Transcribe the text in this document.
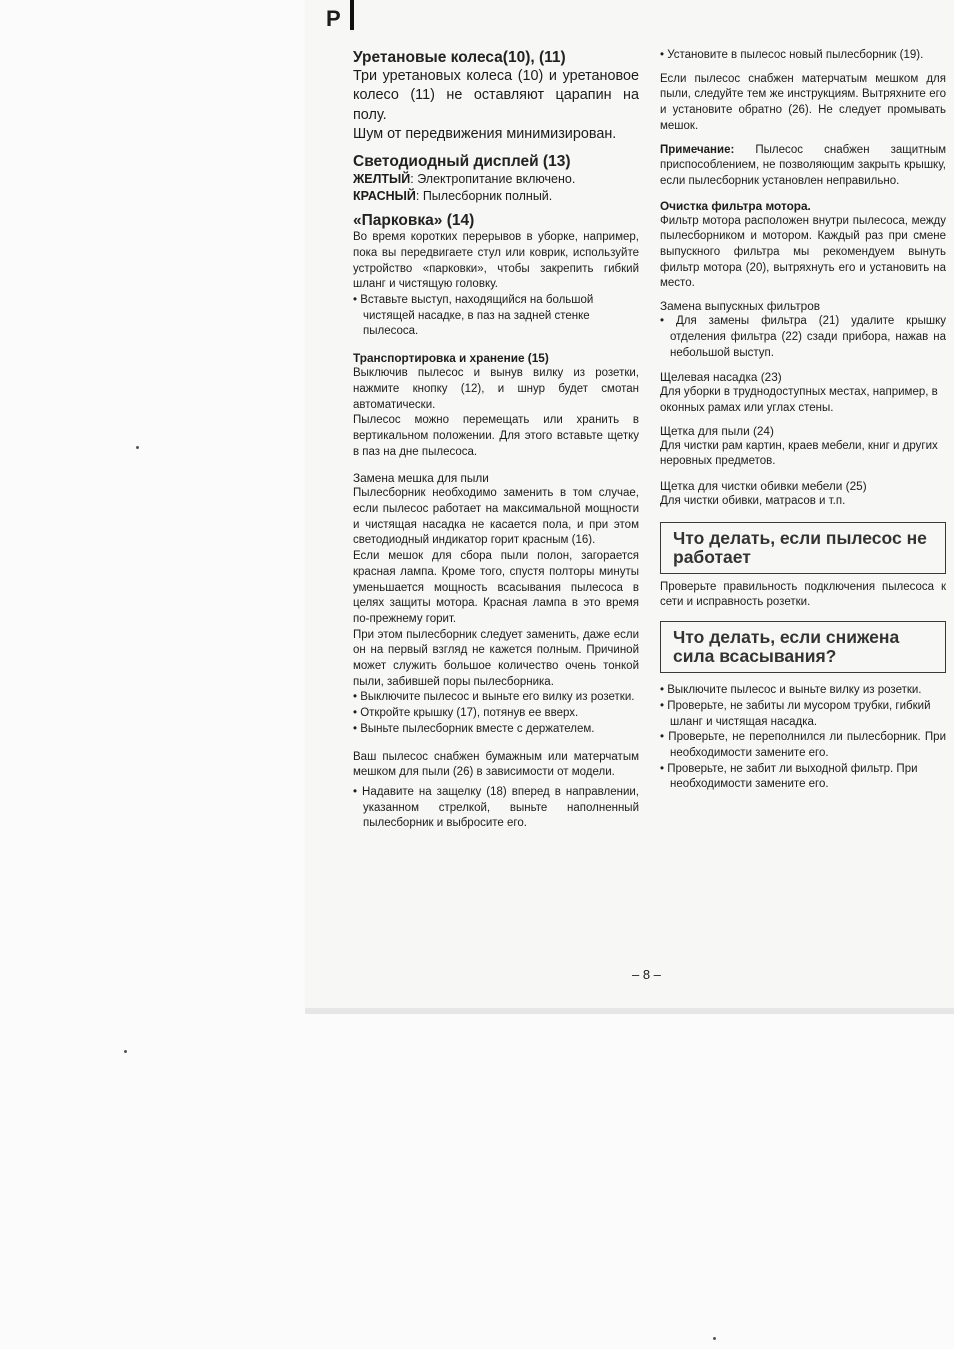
P
Уретановые колеса(10), (11)

Три уретановых колеса (10) и уретановое колесо (11) не оставляют царапин на полу.

Шум от передвижения минимизирован.

Светодиодный дисплей (13)

ЖЕЛТЫЙ: Электропитание включено.

КРАСНЫЙ: Пылесборник полный.

«Парковка» (14)

Во время коротких перерывов в уборке, например, пока вы передвигаете стул или коврик, используйте устройство «парковки», чтобы закрепить гибкий шланг и чистящую головку.

• Вставьте выступ, находящийся на большой чистящей насадке, в паз на задней стенке пылесоса.

Транспортировка и хранение (15)

Выключив пылесос и вынув вилку из розетки, нажмите кнопку (12), и шнур будет смотан автоматически.

Пылесос можно перемещать или хранить в вертикальном положении. Для этого вставьте щетку в паз на дне пылесоса.

Замена мешка для пыли

Пылесборник необходимо заменить в том случае, если пылесос работает на максимальной мощности и чистящая насадка не касается пола, и при этом светодиодный индикатор горит красным (16).

Если мешок для сбора пыли полон, загорается красная лампа. Кроме того, спустя полторы минуты уменьшается мощность всасывания пылесоса в целях защиты мотора. Красная лампа в это время по-прежнему горит.

При этом пылесборник следует заменить, даже если он на первый взгляд не кажется полным. Причиной может служить большое количество очень тонкой пыли, забившей поры пылесборника.

• Выключите пылесос и выньте его вилку из розетки.

• Откройте крышку (17), потянув ее вверх.

• Выньте пылесборник вместе с держателем.

Ваш пылесос снабжен бумажным или матерчатым мешком для пыли (26) в зависимости от модели.

• Надавите на защелку (18) вперед в направлении, указанном стрелкой, выньте наполненный пылесборник и выбросите его.

• Установите в пылесос новый пылесборник (19).

Если пылесос снабжен матерчатым мешком для пыли, следуйте тем же инструкциям. Вытряхните его и установите обратно (26). Не следует промывать мешок.

Примечание: Пылесос снабжен защитным приспособлением, не позволяющим закрыть крышку, если пылесборник установлен неправильно.

Очистка фильтра мотора.

Фильтр мотора расположен внутри пылесоса, между пылесборником и мотором. Каждый раз при смене выпускного фильтра мы рекомендуем вынуть фильтр мотора (20), вытряхнуть его и установить на место.

Замена выпускных фильтров

• Для замены фильтра (21) удалите крышку отделения фильтра (22) сзади прибора, нажав на небольшой выступ.

Щелевая насадка (23)

Для уборки в труднодоступных местах, например, в оконных рамах или углах стены.

Щетка для пыли (24)

Для чистки рам картин, краев мебели, книг и других неровных предметов.

Щетка для чистки обивки мебели (25)

Для чистки обивки, матрасов и т.п.

Что делать, если пылесос не работает

Проверьте правильность подключения пылесоса к сети и исправность розетки.

Что делать, если снижена сила всасывания?

• Выключите пылесос и выньте вилку из розетки.

• Проверьте, не забиты ли мусором трубки, гибкий шланг и чистящая насадка.

• Проверьте, не переполнился ли пылесборник. При необходимости замените его.

• Проверьте, не забит ли выходной фильтр. При необходимости замените его.

– 8 –
